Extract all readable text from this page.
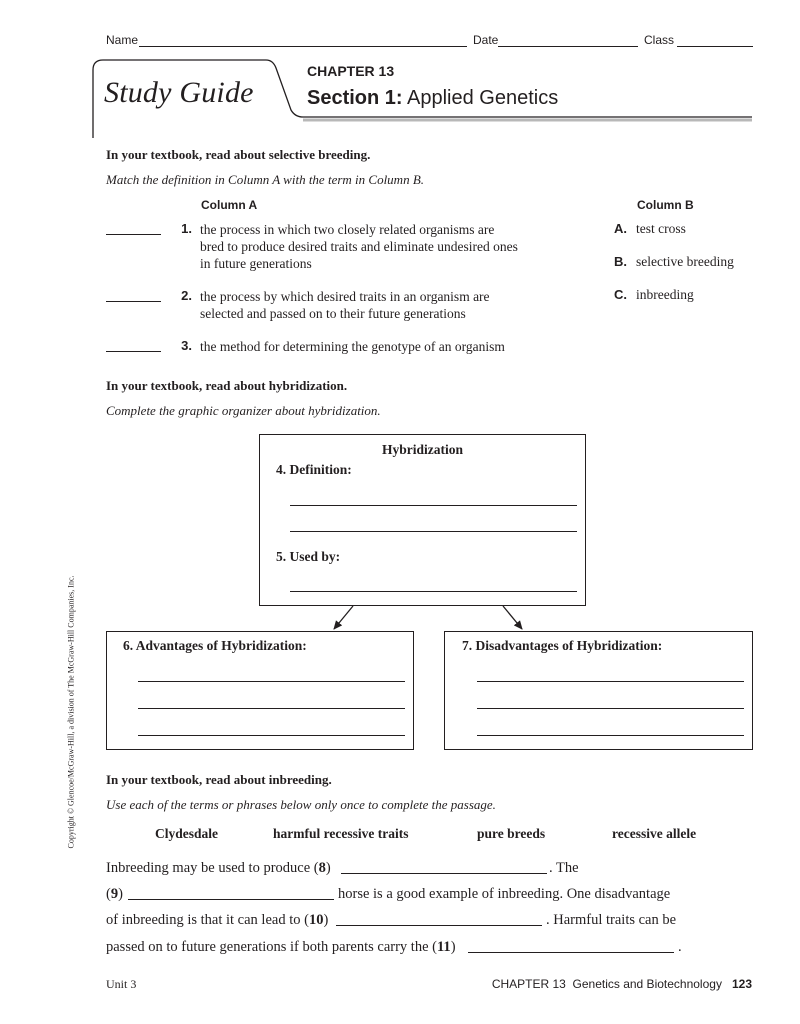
Name	Date	Class
Study Guide
CHAPTER 13
Section 1: Applied Genetics
In your textbook, read about selective breeding.
Match the definition in Column A with the term in Column B.
Column A	Column B
1. the process in which two closely related organisms are bred to produce desired traits and eliminate undesired ones in future generations
2. the process by which desired traits in an organism are selected and passed on to their future generations
3. the method for determining the genotype of an organism
A. test cross
B. selective breeding
C. inbreeding
In your textbook, read about hybridization.
Complete the graphic organizer about hybridization.
Hybridization
4. Definition:
5. Used by:
6. Advantages of Hybridization:	7. Disadvantages of Hybridization:
In your textbook, read about inbreeding.
Use each of the terms or phrases below only once to complete the passage.
Clydesdale	harmful recessive traits	pure breeds	recessive allele
Inbreeding may be used to produce (8)	. The
(9)	horse is a good example of inbreeding. One disadvantage
of inbreeding is that it can lead to (10)	. Harmful traits can be
passed on to future generations if both parents carry the (11)	.
Copyright © Glencoe/McGraw-Hill, a division of The McGraw-Hill Companies, Inc.
Unit 3	CHAPTER 13 Genetics and Biotechnology 123
